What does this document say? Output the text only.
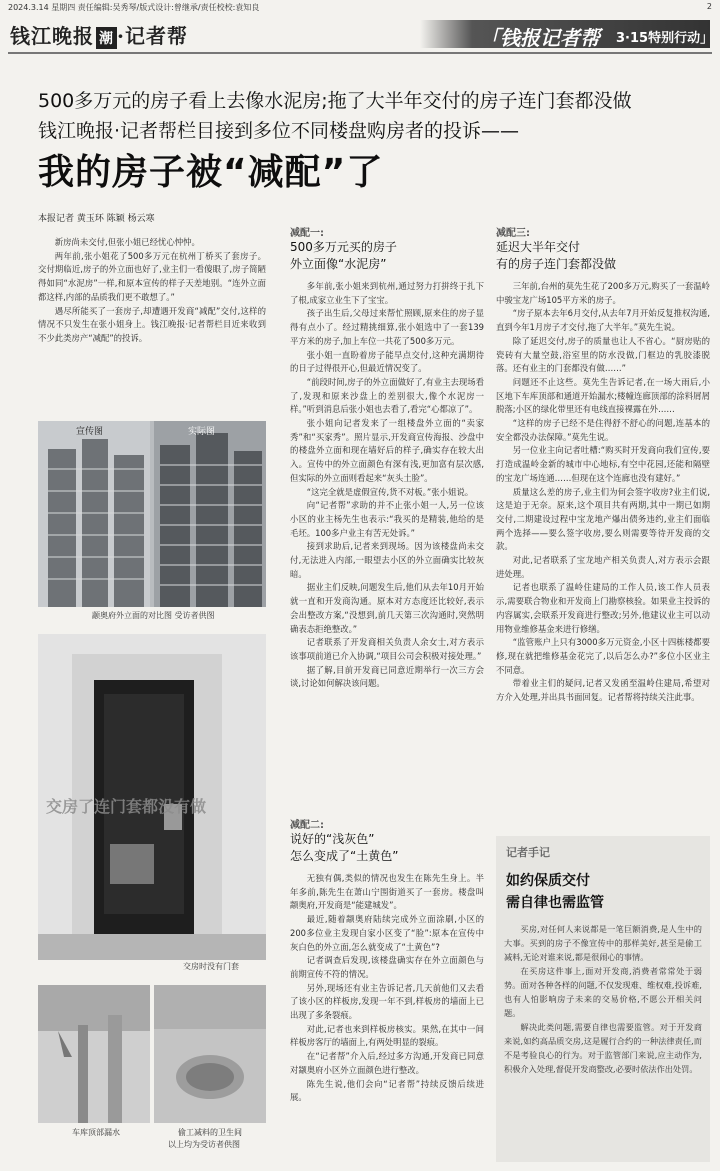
2024.3.14 星期四 责任编辑:吴秀琴/版式设计:曾继承/责任校校:袁知良	2
钱江晚报 潮 ·记者帮	「钱报记者帮 3·15特别行动」
500多万元的房子看上去像水泥房;拖了大半年交付的房子连门套都没做
钱江晚报·记者帮栏目接到多位不同楼盘购房者的投诉——
我的房子被“减配”了
本报记者 黄玉环 陈颖 杨云寒

新房尚未交付,但张小姐已经忧心忡忡。

两年前,张小姐花了500多万元在杭州丁桥买了套房子。交付期临近,房子的外立面也好了,业主们一看傻眼了,房子简陋得如同“水泥房”一样,和原本宣传的样子天差地别。“连外立面都这样,内部的品质我们更不敢想了。”

遇尽所能买了一套房子,却遭遇开发商“减配”交付,这样的情况不只发生在张小姐身上。钱江晚报·记者帮栏目近来收到不少此类房产“减配”的投诉。

宣传图	实际图
颛奥府外立面的对比图 受访者供图
交房了连门套都没有做
交房时没有门套
车库顶部漏水	偷工减料的卫生间
以上均为受访者供图
减配一:
500多万元买的房子
外立面像“水泥房”

多年前,张小姐来到杭州,通过努力打拼终于扎下了根,成家立业生下了宝宝。

孩子出生后,父母过来帮忙照顾,原来住的房子显得有点小了。经过精挑细算,张小姐选中了一套139平方米的房子,加上车位一共花了500多万元。

张小姐一直盼着房子能早点交付,这种充满期待的日子过得很开心,但最近情况变了。

“前段时间,房子的外立面做好了,有业主去现场看了,发现和原来沙盘上的差别很大,像个水泥房一样。”听到消息后张小姐也去看了,看完“心都凉了”。

张小姐向记者发来了一组楼盘外立面的“卖家秀”和“买家秀”。照片显示,开发商宣传海报、沙盘中的楼盘外立面和现在墙好后的样子,确实存在较大出入。宣传中的外立面颜色有深有浅,更加富有层次感,但实际的外立面则看起来“灰头土脸”。

“这完全就是虚假宣传,货不对板。”张小姐说。

向“记者帮”求助的并不止张小姐一人,另一位该小区的业主杨先生也表示:“我买的是精装,他给的是毛坯。100多户业主有苦无处诉。”

接到求助后,记者来到现场。因为该楼盘尚未交付,无法进入内部,一眼望去小区的外立面确实比较灰暗。

据业主们反映,问题发生后,他们从去年10月开始就一直和开发商沟通。原本对方态度还比较好,表示会出整改方案,“没想到,前几天第三次沟通时,突然明确表态拒绝整改。”

记者联系了开发商相关负责人余女士,对方表示该事项前道已介入协调,“项目公司会积极对接处理。”

据了解,目前开发商已同意近期举行一次三方会谈,讨论如何解决该问题。

减配二:
说好的“浅灰色”
怎么变成了“土黄色”

无独有偶,类似的情况也发生在陈先生身上。半年多前,陈先生在萧山宁围街道买了一套房。楼盘叫颛奥府,开发商是“能建城发”。

最近,随着颛奥府陆续完成外立面涂刷,小区的200多位业主发现自家小区变了“脸”:原本在宣传中灰白色的外立面,怎么就变成了“土黄色”?

记者调查后发现,该楼盘确实存在外立面颜色与前期宣传不符的情况。

另外,现场还有业主告诉记者,几天前他们又去看了该小区的样板房,发现一年不到,样板房的墙面上已出现了多条裂痕。

对此,记者也来到样板房核实。果然,在其中一间样板房客厅的墙面上,有两处明显的裂痕。

在“记者帮”介入后,经过多方沟通,开发商已同意对颛奥府小区外立面颜色进行整改。

陈先生说,他们会向“记者帮”持续反馈后续进展。

减配三:
延迟大半年交付
有的房子连门套都没做

三年前,台州的莫先生花了200多万元,购买了一套温岭中骏宝龙广场105平方米的房子。

“房子原本去年6月交付,从去年7月开始反复推权沟通,直到今年1月房子才交付,拖了大半年。”莫先生说。

除了延迟交付,房子的质量也让人不省心。“厨房贴的瓷砖有大量空鼓,浴室里的防水没做,门框边的乳胶漆脱落。还有业主的门套都没有做……”

问题还不止这些。莫先生告诉记者,在一场大雨后,小区地下车库顶部和通道开始漏水;楼幢连廊顶部的涂料屑屑脱落;小区的绿化带里还有电线直接裸露在外……

“这样的房子已经不是住得舒不舒心的问题,连基本的安全都没办法保障。”莫先生说。

另一位业主向记者吐槽:“购买时开发商向我们宣传,要打造成温岭金新的城市中心地标,有空中花园,还能和隔壁的宝龙广场连通……但现在这个连廊也没有建好。”

质量这么差的房子,业主们为何会签字收房?业主们说,这是迫于无奈。原来,这个项目共有两期,其中一期已如期交付,二期建设过程中宝龙地产爆出债务违约,业主们面临两个选择——要么签字收房,要么则需要等待开发商的交款。

对此,记者联系了宝龙地产相关负责人,对方表示会跟进处理。

记者也联系了温岭住建局的工作人员,该工作人员表示,需要联合物业和开发商上门勘察核验。如果业主投诉的内容属实,会联系开发商进行整改;另外,他建议业主可以动用物业维修基金来进行修缮。

“监管账户上只有3000多万元资金,小区十四栋楼都要修,现在就把维修基金花完了,以后怎么办?”多位小区业主不同意。

带着业主们的疑问,记者又发函至温岭住建局,希望对方介入处理,并出具书面回复。记者帮将持续关注此事。

记者手记
如约保质交付
需自律也需监管

买房,对任何人来说都是一笔巨额消费,是人生中的大事。买到的房子不像宣传中的那样美好,甚至是偷工减料,无论对谁来说,都是很闹心的事情。

在买房这件事上,面对开发商,消费者常常处于弱势。面对各种各样的问题,不仅发现难、维权难,投诉难,也有人怕影响房子未来的交易价格,不愿公开相关问题。

解决此类问题,需要自律也需要监管。对于开发商来说,如约高品质交房,这是履行合约的一种法律责任,而不是考验良心的行为。对于监管部门来说,应主动作为,积极介入处理,督促开发商整改,必要时依法作出处罚。
